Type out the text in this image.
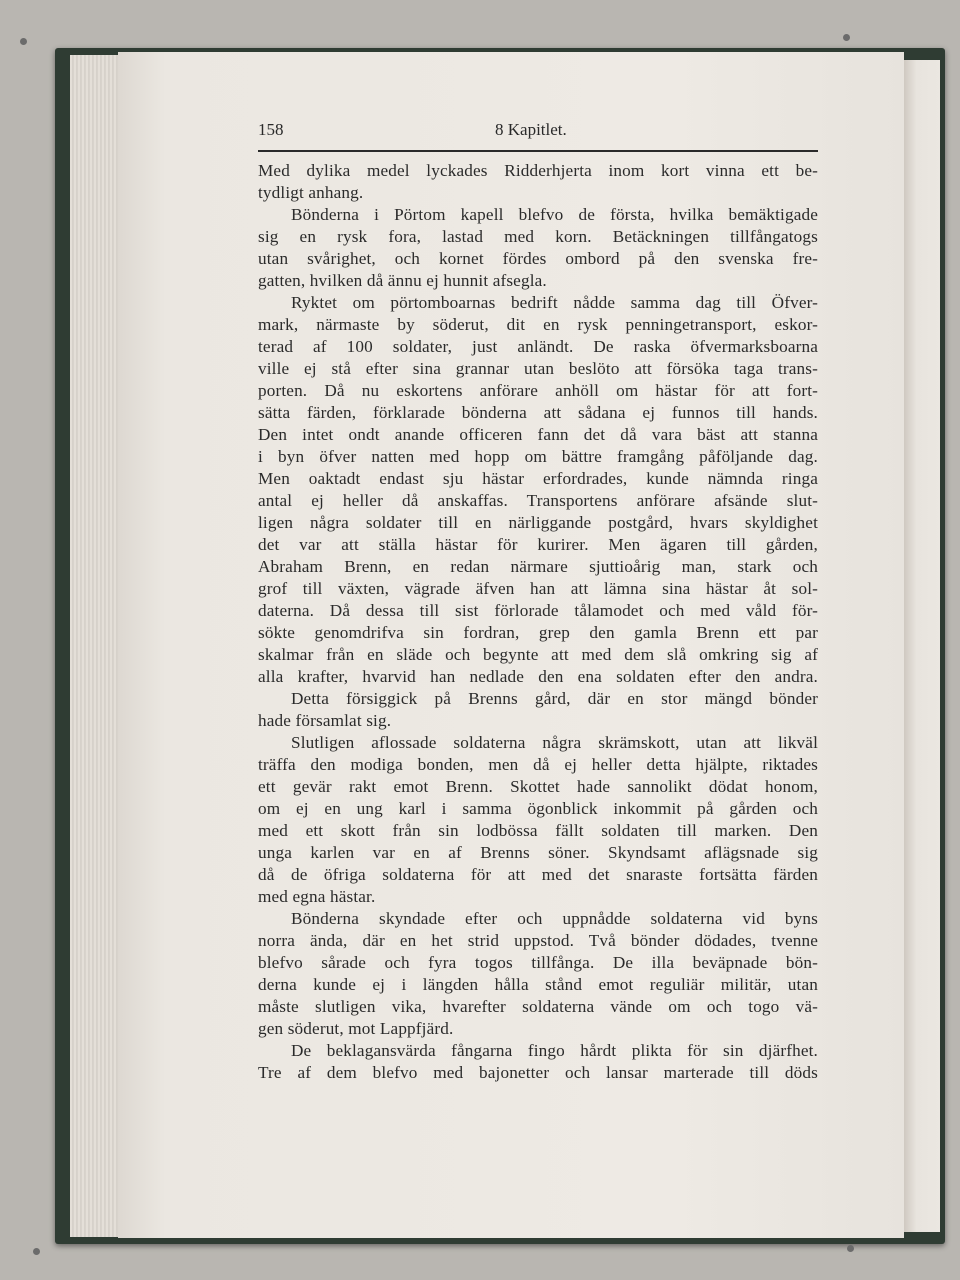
158	8 Kapitlet.
Med dylika medel lyckades Ridderhjerta inom kort vinna ett be-
tydligt anhang.
Bönderna i Pörtom kapell blefvo de första, hvilka bemäktigade
sig en rysk fora, lastad med korn. Betäckningen tillfångatogs
utan svårighet, och kornet fördes ombord på den svenska fre-
gatten, hvilken då ännu ej hunnit afsegla.
Ryktet om pörtomboarnas bedrift nådde samma dag till Öfver-
mark, närmaste by söderut, dit en rysk penningetransport, eskor-
terad af 100 soldater, just anländt. De raska öfvermarksboarna
ville ej stå efter sina grannar utan beslöto att försöka taga trans-
porten. Då nu eskortens anförare anhöll om hästar för att fort-
sätta färden, förklarade bönderna att sådana ej funnos till hands.
Den intet ondt anande officeren fann det då vara bäst att stanna
i byn öfver natten med hopp om bättre framgång påföljande dag.
Men oaktadt endast sju hästar erfordrades, kunde nämnda ringa
antal ej heller då anskaffas. Transportens anförare afsände slut-
ligen några soldater till en närliggande postgård, hvars skyldighet
det var att ställa hästar för kurirer. Men ägaren till gården,
Abraham Brenn, en redan närmare sjuttioårig man, stark och
grof till växten, vägrade äfven han att lämna sina hästar åt sol-
daterna. Då dessa till sist förlorade tålamodet och med våld för-
sökte genomdrifva sin fordran, grep den gamla Brenn ett par
skalmar från en släde och begynte att med dem slå omkring sig af
alla krafter, hvarvid han nedlade den ena soldaten efter den andra.
Detta försiggick på Brenns gård, där en stor mängd bönder
hade församlat sig.
Slutligen aflossade soldaterna några skrämskott, utan att likväl
träffa den modiga bonden, men då ej heller detta hjälpte, riktades
ett gevär rakt emot Brenn. Skottet hade sannolikt dödat honom,
om ej en ung karl i samma ögonblick inkommit på gården och
med ett skott från sin lodbössa fällt soldaten till marken. Den
unga karlen var en af Brenns söner. Skyndsamt aflägsnade sig
då de öfriga soldaterna för att med det snaraste fortsätta färden
med egna hästar.
Bönderna skyndade efter och uppnådde soldaterna vid byns
norra ända, där en het strid uppstod. Två bönder dödades, tvenne
blefvo sårade och fyra togos tillfånga. De illa beväpnade bön-
derna kunde ej i längden hålla stånd emot reguliär militär, utan
måste slutligen vika, hvarefter soldaterna vände om och togo vä-
gen söderut, mot Lappfjärd.
De beklagansvärda fångarna fingo hårdt plikta för sin djärfhet.
Tre af dem blefvo med bajonetter och lansar marterade till döds
